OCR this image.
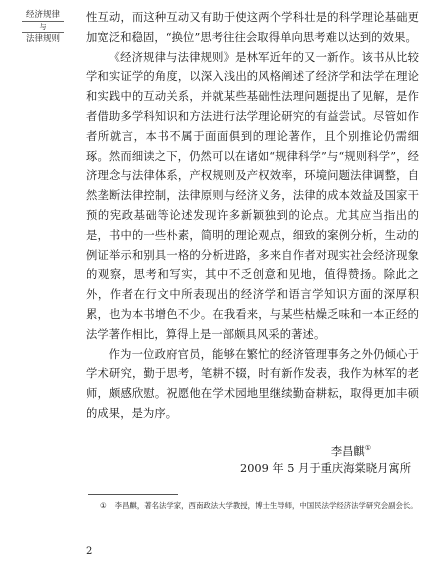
经济规律
与
法律规则

性互动，而这种互动又有助于使这两个学科壮是的科学理论基础更加宽泛和稳固，“换位”思考往往会取得单向思考难以达到的效果。

《经济规律与法律规则》是林军近年的又一新作。该书从比较学和实证学的角度，以深入浅出的风格阐述了经济学和法学在理论和实践中的互动关系，并就某些基础性法理问题提出了见解，是作者借助多学科知识和方法进行法学理论研究的有益尝试。尽管如作者所就言，本书不属于面面俱到的理论著作，且个别推论仍需细琢。然而细读之下，仍然可以在诸如“规律科学”与“规则科学”，经济理念与法律体系，产权规则及产权效率，环境问题法律调整，自然垄断法律控制，法律原则与经济义务，法律的成本效益及国家干预的宪政基础等论述发现许多新颖独到的论点。尤其应当指出的是，书中的一些朴素，简明的理论观点，细致的案例分析，生动的例证举示和别具一格的分析进路，多来自作者对现实社会经济现象的观察，思考和写实，其中不乏创意和见地，值得赞扬。除此之外，作者在行文中所表现出的经济学和语言学知识方面的深厚积累，也为本书增色不少。在我看来，与某些枯燥乏味和一本正经的法学著作相比，算得上是一部颇具风采的著述。

作为一位政府官员，能够在繁忙的经济管理事务之外仍倾心于学术研究，勤于思考，笔耕不辍，时有新作发表，我作为林军的老师，颇感欣慰。祝愿他在学术园地里继续勤奋耕耘，取得更加丰硕的成果，是为序。

李昌麒①
2009 年 5 月于重庆海棠晓月寓所
① 李昌麒，著名法学家，西南政法大学教授，博士生导师，中国民法学经济法学研究会副会长。
2
